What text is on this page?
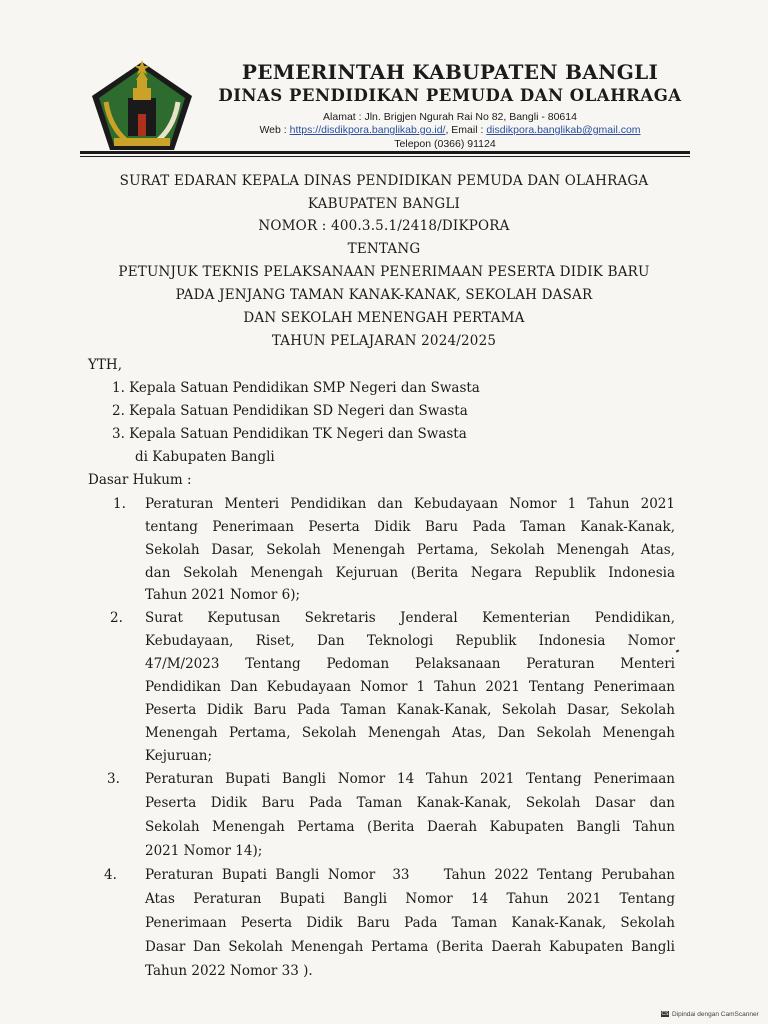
PEMERINTAH KABUPATEN BANGLI
DINAS PENDIDIKAN PEMUDA DAN OLAHRAGA
Alamat : Jln. Brigjen Ngurah Rai No 82, Bangli - 80614
Web : https://disdikpora.banglikab.go.id/, Email : disdikpora.banglikab@gmail.com
Telepon (0366) 91124
SURAT EDARAN KEPALA DINAS PENDIDIKAN PEMUDA DAN OLAHRAGA
KABUPATEN BANGLI
NOMOR : 400.3.5.1/2418/DIKPORA
TENTANG
PETUNJUK TEKNIS PELAKSANAAN PENERIMAAN PESERTA DIDIK BARU
PADA JENJANG TAMAN KANAK-KANAK, SEKOLAH DASAR
DAN SEKOLAH MENENGAH PERTAMA
TAHUN PELAJARAN 2024/2025
YTH,
1. Kepala Satuan Pendidikan SMP Negeri dan Swasta
2. Kepala Satuan Pendidikan SD Negeri dan Swasta
3. Kepala Satuan Pendidikan TK Negeri dan Swasta
di Kabupaten Bangli
Dasar Hukum :
1. Peraturan Menteri Pendidikan dan Kebudayaan Nomor 1 Tahun 2021
tentang Penerimaan Peserta Didik Baru Pada Taman Kanak-Kanak,
Sekolah Dasar, Sekolah Menengah Pertama, Sekolah Menengah Atas,
dan Sekolah Menengah Kejuruan (Berita Negara Republik Indonesia
Tahun 2021 Nomor 6);
2. Surat Keputusan Sekretaris Jenderal Kementerian Pendidikan,
Kebudayaan, Riset, Dan Teknologi Republik Indonesia Nomor
47/M/2023 Tentang Pedoman Pelaksanaan Peraturan Menteri
Pendidikan Dan Kebudayaan Nomor 1 Tahun 2021 Tentang Penerimaan
Peserta Didik Baru Pada Taman Kanak-Kanak, Sekolah Dasar, Sekolah
Menengah Pertama, Sekolah Menengah Atas, Dan Sekolah Menengah
Kejuruan;
3. Peraturan Bupati Bangli Nomor 14 Tahun 2021 Tentang Penerimaan
Peserta Didik Baru Pada Taman Kanak-Kanak, Sekolah Dasar dan
Sekolah Menengah Pertama (Berita Daerah Kabupaten Bangli Tahun
2021 Nomor 14);
4. Peraturan Bupati Bangli Nomor  33    Tahun 2022 Tentang Perubahan
Atas Peraturan Bupati Bangli Nomor 14 Tahun 2021 Tentang
Penerimaan Peserta Didik Baru Pada Taman Kanak-Kanak, Sekolah
Dasar Dan Sekolah Menengah Pertama (Berita Daerah Kabupaten Bangli
Tahun 2022 Nomor 33 ).
CS Dipindai dengan CamScanner
